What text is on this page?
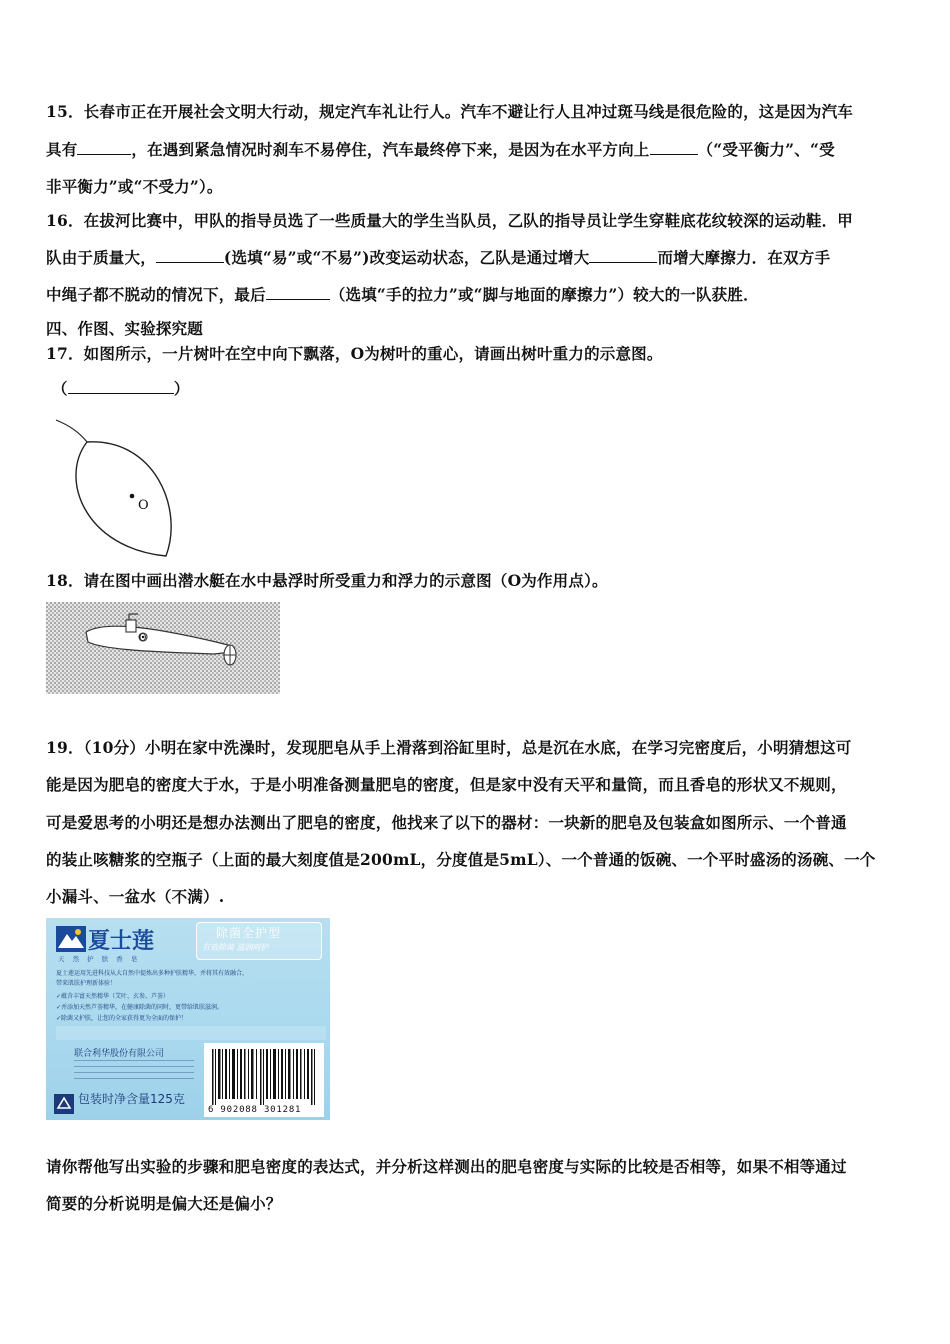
15．长春市正在开展社会文明大行动，规定汽车礼让行人。汽车不避让行人且冲过斑马线是很危险的，这是因为汽车
具有	，在遇到紧急情况时刹车不易停住，汽车最终停下来，是因为在水平方向上	（“受平衡力”、“受
非平衡力”或“不受力”）。
16．在拔河比赛中，甲队的指导员选了一些质量大的学生当队员，乙队的指导员让学生穿鞋底花纹较深的运动鞋．甲
队由于质量大，	(选填“易”或“不易”)改变运动状态，乙队是通过增大	而增大摩擦力．在双方手
中绳子都不脱动的情况下，最后	（选填“手的拉力”或“脚与地面的摩擦力”）较大的一队获胜．
四、作图、实验探究题
17．如图所示，一片树叶在空中向下飘落，O为树叶的重心，请画出树叶重力的示意图。
（	）
O
18．请在图中画出潜水艇在水中悬浮时所受重力和浮力的示意图（O为作用点）。
O
19．（10分）小明在家中洗澡时，发现肥皂从手上滑落到浴缸里时，总是沉在水底，在学习完密度后，小明猜想这可
能是因为肥皂的密度大于水，于是小明准备测量肥皂的密度，但是家中没有天平和量筒，而且香皂的形状又不规则，
可是爱思考的小明还是想办法测出了肥皂的密度，他找来了以下的器材：一块新的肥皂及包装盒如图所示、一个普通
的装止咳糖浆的空瓶子（上面的最大刻度值是200mL，分度值是5mL）、一个普通的饭碗、一个平时盛汤的汤碗、一个
小漏斗、一盆水（不满）.
夏士莲
天 然 护 肤 香 皂
除菌全护型
有效除菌 滋润呵护
夏士莲运用先进科技从大自然中提炼出多种护肤精华，并将其有效融合，
带来肌肤护理新体验！
✓蕴含丰富天然精华（艾叶、玄参、芦荟）
✓并添加天然芦荟精华，在健康除菌的同时，更带给肌肤滋润。
✓除菌又护肤，让您的全家获得更为全面的保护！
联合利华股份有限公司
包装时净含量125克
6 902088 301281
请你帮他写出实验的步骤和肥皂密度的表达式，并分析这样测出的肥皂密度与实际的比较是否相等，如果不相等通过
简要的分析说明是偏大还是偏小？
